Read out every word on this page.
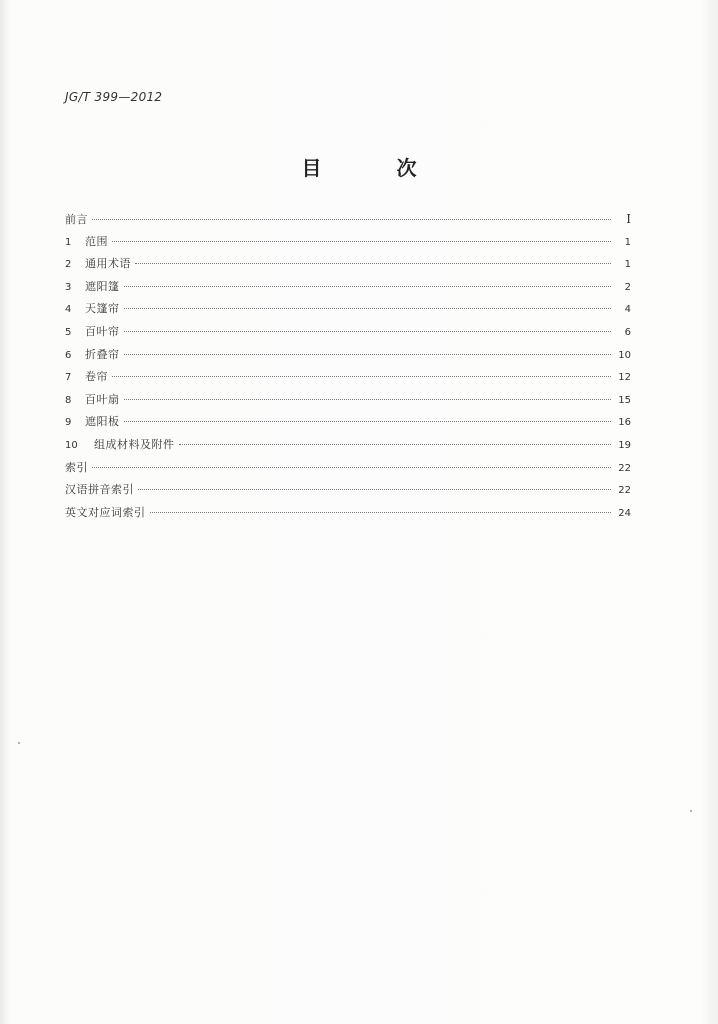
JG/T 399—2012
目 次
前言	I
1	范围	1
2	通用术语	1
3	遮阳篷	2
4	天篷帘	4
5	百叶帘	6
6	折叠帘	10
7	卷帘	12
8	百叶扇	15
9	遮阳板	16
10	组成材料及附件	19
索引	22
汉语拼音索引	22
英文对应词索引	24
